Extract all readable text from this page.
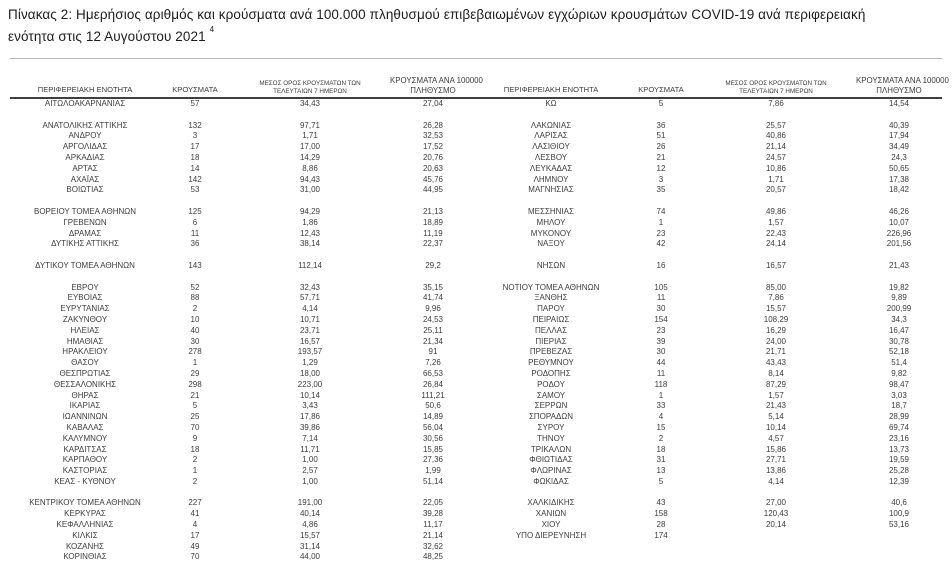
Πίνακας 2: Ημερήσιος αριθμός και κρούσματα ανά 100.000 πληθυσμού επιβεβαιωμένων εγχώριων κρουσμάτων COVID-19 ανά περιφερειακή
ενότητα στις 12 Αυγούστου 2021 $^4$

ΠΕΡΙΦΕΡΕΙΑΚΗ ΕΝΟΤΗΤΑ	ΚΡΟΥΣΜΑΤΑ	ΜΕΣΟΣ ΟΡΟΣ ΚΡΟΥΣΜΑΤΩΝ ΤΩΝ
ΤΕΛΕΥΤΑΙΩΝ 7 ΗΜΕΡΩΝ	ΚΡΟΥΣΜΑΤΑ ΑΝΑ 100000
ΠΛΗΘΥΣΜΟ	ΠΕΡΙΦΕΡΕΙΑΚΗ ΕΝΟΤΗΤΑ	ΚΡΟΥΣΜΑΤΑ	ΜΕΣΟΣ ΟΡΟΣ ΚΡΟΥΣΜΑΤΩΝ ΤΩΝ
ΤΕΛΕΥΤΑΙΩΝ 7 ΗΜΕΡΩΝ	ΚΡΟΥΣΜΑΤΑ ΑΝΑ 100000
ΠΛΗΘΥΣΜΟ
ΑΙΤΩΛΟΑΚΑΡΝΑΝΙΑΣ	57	34,43	27,04	ΚΩ	5	7,86	14,54

ΑΝΑΤΟΛΙΚΗΣ ΑΤΤΙΚΗΣ	132	97,71	26,28	ΛΑΚΩΝΙΑΣ	36	25,57	40,39
ΑΝΔΡΟΥ	3	1,71	32,53	ΛΑΡΙΣΑΣ	51	40,86	17,94
ΑΡΓΟΛΙΔΑΣ	17	17,00	17,52	ΛΑΣΙΘΙΟΥ	26	21,14	34,49
ΑΡΚΑΔΙΑΣ	18	14,29	20,76	ΛΕΣΒΟΥ	21	24,57	24,3
ΑΡΤΑΣ	14	8,86	20,63	ΛΕΥΚΑΔΑΣ	12	10,86	50,65
ΑΧΑΪΑΣ	142	94,43	45,76	ΛΗΜΝΟΥ	3	1,71	17,38
ΒΟΙΩΤΙΑΣ	53	31,00	44,95	ΜΑΓΝΗΣΙΑΣ	35	20,57	18,42

ΒΟΡΕΙΟΥ ΤΟΜΕΑ ΑΘΗΝΩΝ	125	94,29	21,13	ΜΕΣΣΗΝΙΑΣ	74	49,86	46,26
ΓΡΕΒΕΝΩΝ	6	1,86	18,89	ΜΗΛΟΥ	1	1,57	10,07
ΔΡΑΜΑΣ	11	12,43	11,19	ΜΥΚΟΝΟΥ	23	22,43	226,96
ΔΥΤΙΚΗΣ ΑΤΤΙΚΗΣ	36	38,14	22,37	ΝΑΞΟΥ	42	24,14	201,56

ΔΥΤΙΚΟΥ ΤΟΜΕΑ ΑΘΗΝΩΝ	143	112,14	29,2	ΝΗΣΩΝ	16	16,57	21,43

ΕΒΡΟΥ	52	32,43	35,15	ΝΟΤΙΟΥ ΤΟΜΕΑ ΑΘΗΝΩΝ	105	85,00	19,82
ΕΥΒΟΙΑΣ	88	57,71	41,74	ΞΑΝΘΗΣ	11	7,86	9,89
ΕΥΡΥΤΑΝΙΑΣ	2	4,14	9,96	ΠΑΡΟΥ	30	15,57	200,99
ΖΑΚΥΝΘΟΥ	10	10,71	24,53	ΠΕΙΡΑΙΩΣ	154	108,29	34,3
ΗΛΕΙΑΣ	40	23,71	25,11	ΠΕΛΛΑΣ	23	16,29	16,47
ΗΜΑΘΙΑΣ	30	16,57	21,34	ΠΙΕΡΙΑΣ	39	24,00	30,78
ΗΡΑΚΛΕΙΟΥ	278	193,57	91	ΠΡΕΒΕΖΑΣ	30	21,71	52,18
ΘΑΣΟΥ	1	1,29	7,26	ΡΕΘΥΜΝΟΥ	44	43,43	51,4
ΘΕΣΠΡΩΤΙΑΣ	29	18,00	66,53	ΡΟΔΟΠΗΣ	11	8,14	9,82
ΘΕΣΣΑΛΟΝΙΚΗΣ	298	223,00	26,84	ΡΟΔΟΥ	118	87,29	98,47
ΘΗΡΑΣ	21	10,14	111,21	ΣΑΜΟΥ	1	1,57	3,03
ΙΚΑΡΙΑΣ	5	3,43	50,6	ΣΕΡΡΩΝ	33	21,43	18,7
ΙΩΑΝΝΙΝΩΝ	25	17,86	14,89	ΣΠΟΡΑΔΩΝ	4	5,14	28,99
ΚΑΒΑΛΑΣ	70	39,86	56,04	ΣΥΡΟΥ	15	10,14	69,74
ΚΑΛΥΜΝΟΥ	9	7,14	30,56	ΤΗΝΟΥ	2	4,57	23,16
ΚΑΡΔΙΤΣΑΣ	18	11,71	15,85	ΤΡΙΚΑΛΩΝ	18	15,86	13,73
ΚΑΡΠΑΘΟΥ	2	1,00	27,36	ΦΘΙΩΤΙΔΑΣ	31	27,71	19,59
ΚΑΣΤΟΡΙΑΣ	1	2,57	1,99	ΦΛΩΡΙΝΑΣ	13	13,86	25,28
ΚΕΑΣ - ΚΥΘΝΟΥ	2	1,00	51,14	ΦΩΚΙΔΑΣ	5	4,14	12,39

ΚΕΝΤΡΙΚΟΥ ΤΟΜΕΑ ΑΘΗΝΩΝ	227	191,00	22,05	ΧΑΛΚΙΔΙΚΗΣ	43	27,00	40,6
ΚΕΡΚΥΡΑΣ	41	40,14	39,28	ΧΑΝΙΩΝ	158	120,43	100,9
ΚΕΦΑΛΛΗΝΙΑΣ	4	4,86	11,17	ΧΙΟΥ	28	20,14	53,16
ΚΙΛΚΙΣ	17	15,57	21,14	ΥΠΟ ΔΙΕΡΕΥΝΗΣΗ	174		
ΚΟΖΑΝΗΣ	49	31,14	32,62				
ΚΟΡΙΝΘΙΑΣ	70	44,00	48,25				
